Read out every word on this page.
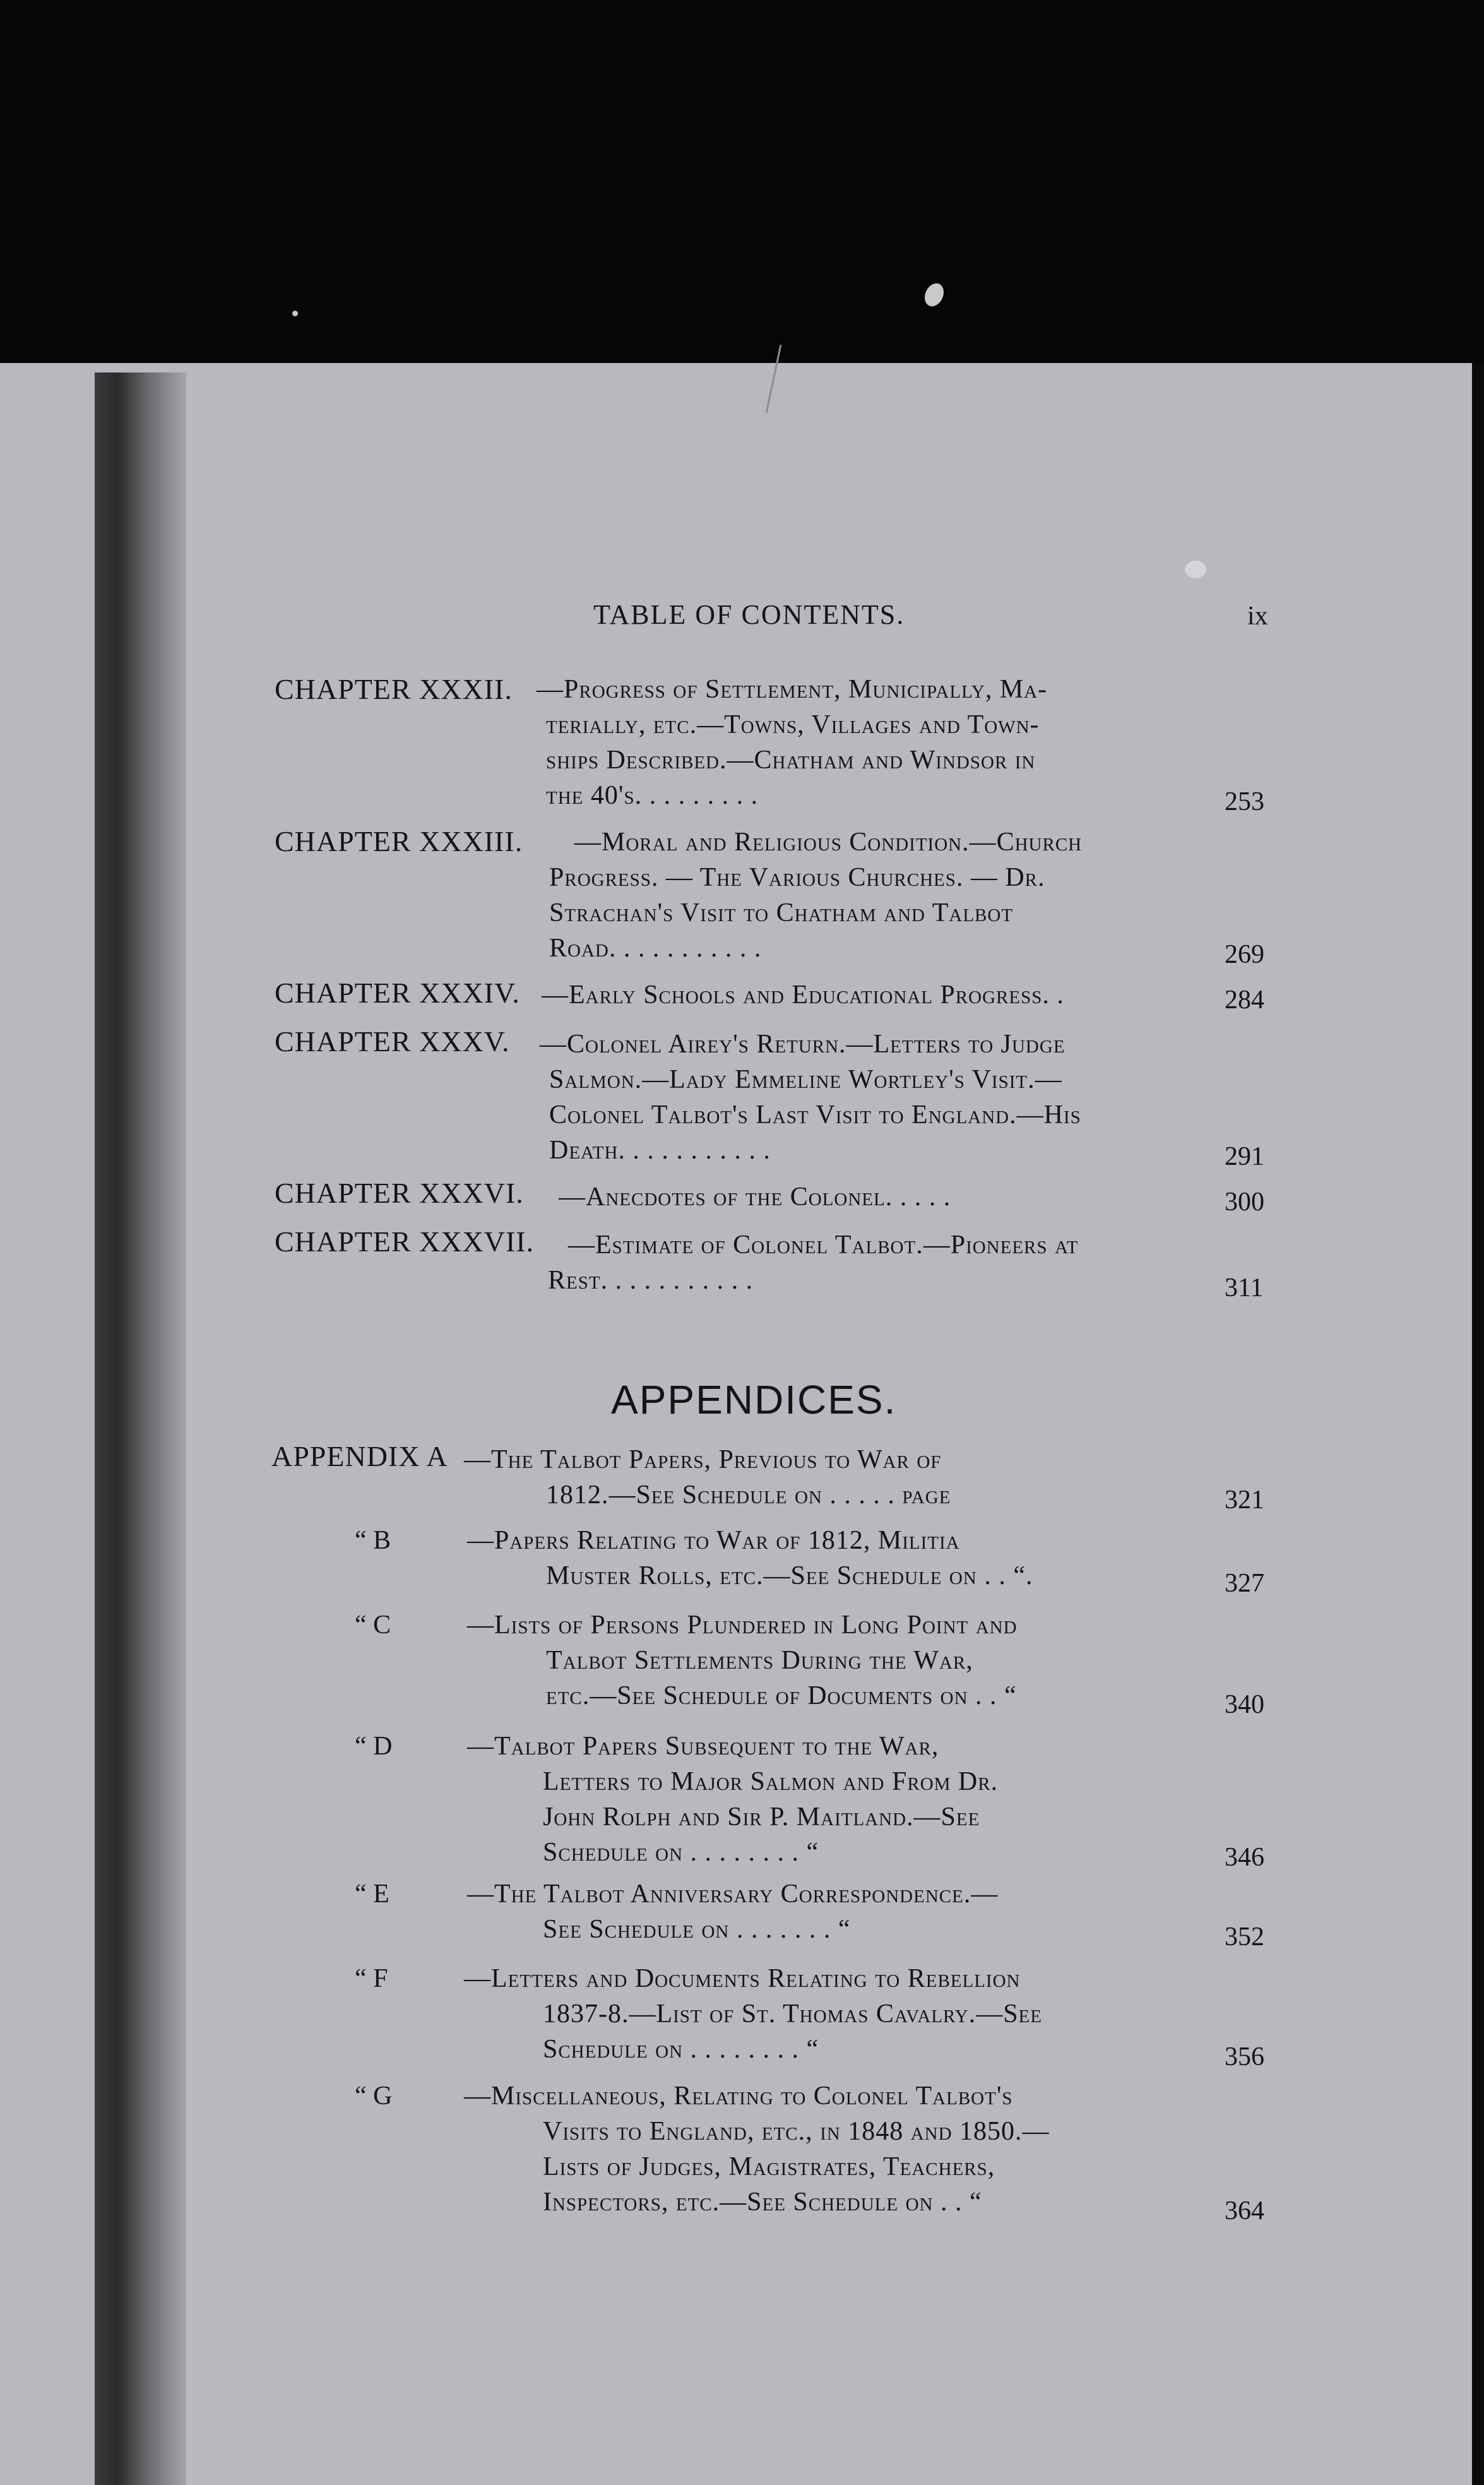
TABLE OF CONTENTS.	ix
CHAPTER XXXII. —Progress of Settlement, Municipally, Ma-
terially, etc.—Towns, Villages and Town-
ships Described.—Chatham and Windsor in
the 40's. . . . . . . . .	253
CHAPTER XXXIII. —Moral and Religious Condition.—Church
Progress. — The Various Churches. — Dr.
Strachan's Visit to Chatham and Talbot
Road. . . . . . . . . . .	269
CHAPTER XXXIV. —Early Schools and Educational Progress. .	284
CHAPTER XXXV. —Colonel Airey's Return.—Letters to Judge
Salmon.—Lady Emmeline Wortley's Visit.—
Colonel Talbot's Last Visit to England.—His
Death. . . . . . . . . . .	291
CHAPTER XXXVI. —Anecdotes of the Colonel. . . . .	300
CHAPTER XXXVII. —Estimate of Colonel Talbot.—Pioneers at
Rest. . . . . . . . . . .	311
APPENDICES.
APPENDIX A —The Talbot Papers, Previous to War of
1812.—See Schedule on . . . . . page	321
“ B	—Papers Relating to War of 1812, Militia
Muster Rolls, etc.—See Schedule on . . “.	327
“ C	—Lists of Persons Plundered in Long Point and
Talbot Settlements During the War,
etc.—See Schedule of Documents on . . “	340
“ D	—Talbot Papers Subsequent to the War,
Letters to Major Salmon and From Dr.
John Rolph and Sir P. Maitland.—See
Schedule on . . . . . . . . “	346
“ E	—The Talbot Anniversary Correspondence.—
See Schedule on . . . . . . . “	352
“ F	—Letters and Documents Relating to Rebellion
1837-8.—List of St. Thomas Cavalry.—See
Schedule on . . . . . . . . “	356
“ G	—Miscellaneous, Relating to Colonel Talbot's
Visits to England, etc., in 1848 and 1850.—
Lists of Judges, Magistrates, Teachers,
Inspectors, etc.—See Schedule on . . “	364
